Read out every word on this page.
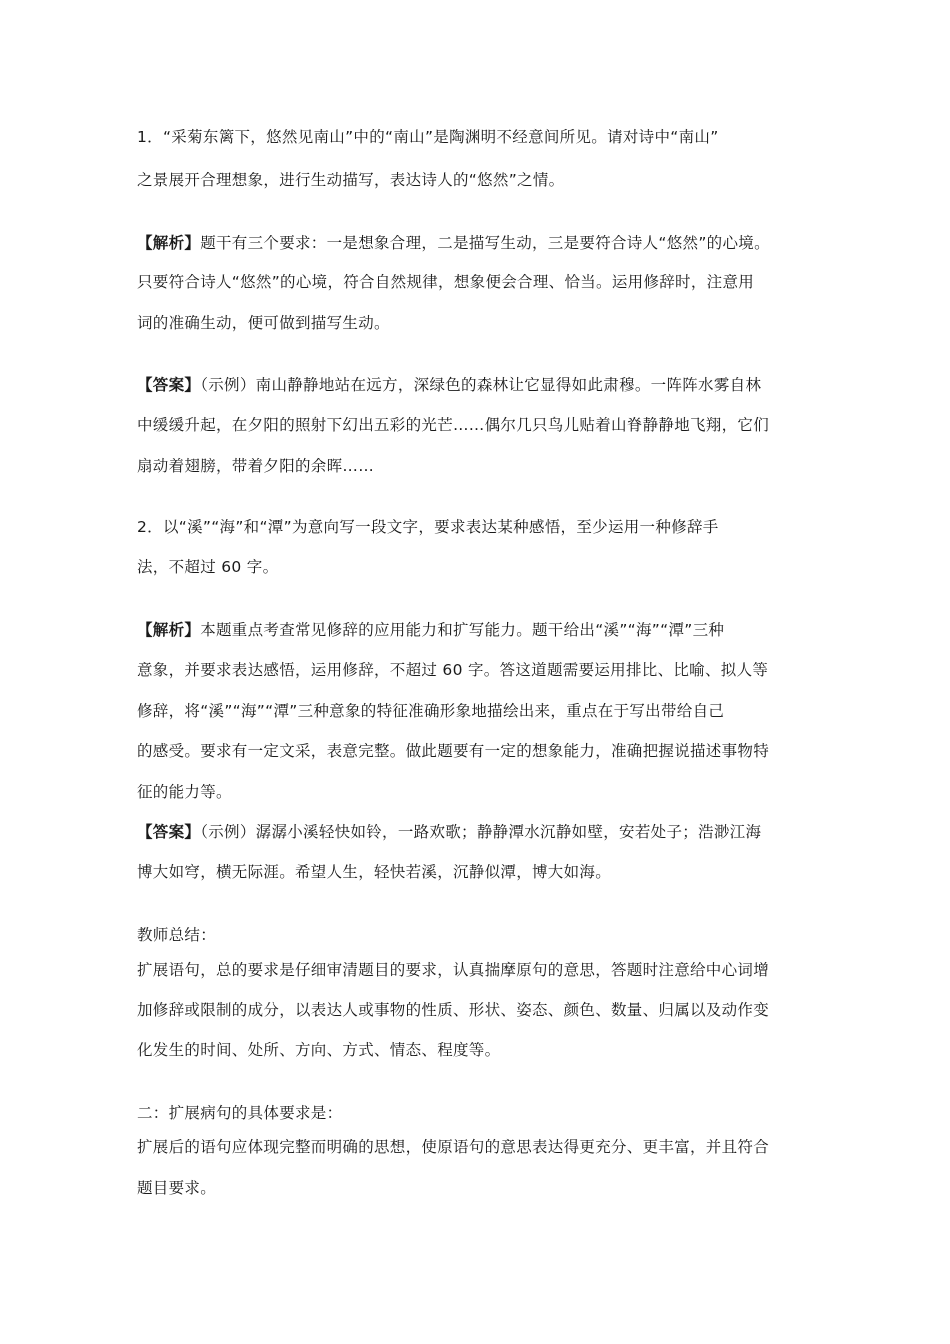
1．“采菊东篱下，悠然见南山”中的“南山”是陶渊明不经意间所见。请对诗中“南山”
之景展开合理想象，进行生动描写，表达诗人的“悠然”之情。
【解析】题干有三个要求：一是想象合理，二是描写生动，三是要符合诗人“悠然”的心境。
只要符合诗人“悠然”的心境，符合自然规律，想象便会合理、恰当。运用修辞时，注意用
词的准确生动，便可做到描写生动。
【答案】（示例）南山静静地站在远方，深绿色的森林让它显得如此肃穆。一阵阵水雾自林
中缓缓升起，在夕阳的照射下幻出五彩的光芒……偶尔几只鸟儿贴着山脊静静地飞翔，它们
扇动着翅膀，带着夕阳的余晖……
2．以“溪”“海”和“潭”为意向写一段文字，要求表达某种感悟，至少运用一种修辞手
法，不超过 60 字。
【解析】本题重点考查常见修辞的应用能力和扩写能力。题干给出“溪”“海”“潭”三种
意象，并要求表达感悟，运用修辞，不超过 60 字。答这道题需要运用排比、比喻、拟人等
修辞，将“溪”“海”“潭”三种意象的特征准确形象地描绘出来，重点在于写出带给自己
的感受。要求有一定文采，表意完整。做此题要有一定的想象能力，准确把握说描述事物特
征的能力等。
【答案】（示例）潺潺小溪轻快如铃，一路欢歌；静静潭水沉静如壁，安若处子；浩渺江海
博大如穹，横无际涯。希望人生，轻快若溪，沉静似潭，博大如海。
教师总结：
扩展语句，总的要求是仔细审清题目的要求，认真揣摩原句的意思，答题时注意给中心词增
加修辞或限制的成分，以表达人或事物的性质、形状、姿态、颜色、数量、归属以及动作变
化发生的时间、处所、方向、方式、情态、程度等。
二：扩展病句的具体要求是：
扩展后的语句应体现完整而明确的思想，使原语句的意思表达得更充分、更丰富，并且符合
题目要求。
